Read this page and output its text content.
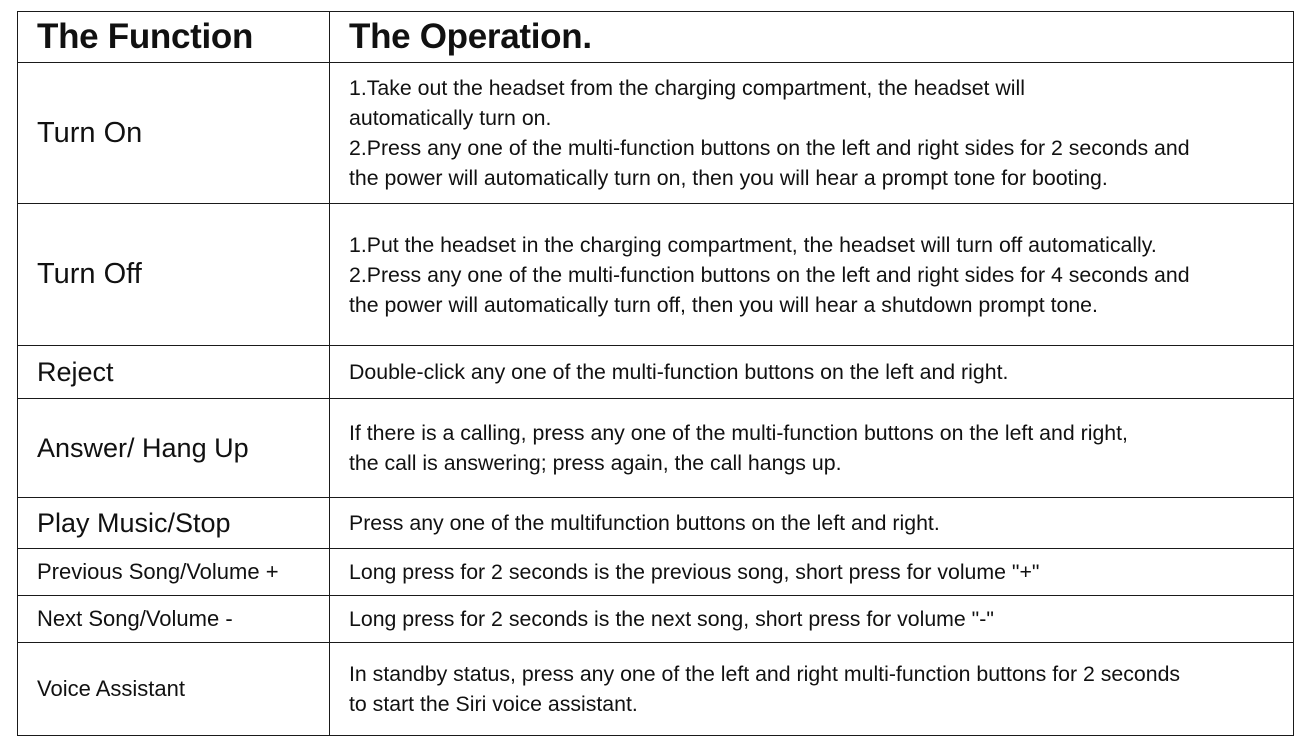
The Function	The Operation.
Turn On	1.Take out the headset from the charging compartment, the headset will

automatically turn on.

2.Press any one of the multi-function buttons on the left and right sides for 2 seconds and

the power will automatically turn on, then you will hear a prompt tone for booting.

Turn Off	1.Put the headset in the charging compartment, the headset will turn off automatically.

2.Press any one of the multi-function buttons on the left and right sides for 4 seconds and

the power will automatically turn off, then you will hear a shutdown prompt tone.

Reject	Double-click any one of the multi-function buttons on the left and right.

Answer/ Hang Up	If there is a calling, press any one of the multi-function buttons on the left and right,

the call is answering; press again, the call hangs up.

Play Music/Stop	Press any one of the multifunction buttons on the left and right.

Previous Song/Volume +	Long press for 2 seconds is the previous song, short press for volume "+"

Next Song/Volume -	Long press for 2 seconds is the next song, short press for volume "-"

Voice Assistant	In standby status, press any one of the left and right multi-function buttons for 2 seconds

to start the Siri voice assistant.
